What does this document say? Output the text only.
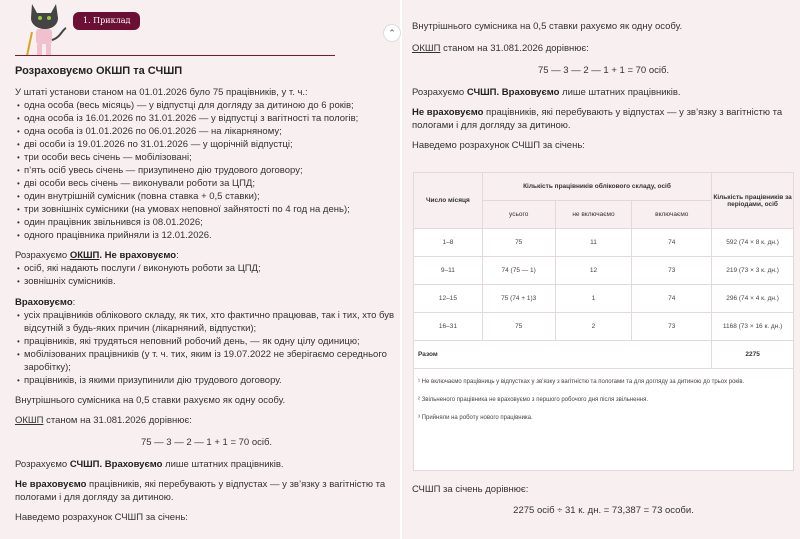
1. Приклад

Розраховуємо ОКШП та СЧШП

У штаті установи станом на 01.01.2026 було 75 працівників, у т. ч.:

• одна особа (весь місяць) — у відпустці для догляду за дитиною до 6 років;
• одна особа із 16.01.2026 по 31.01.2026 — у відпустці з вагітності та пологів;
• одна особа із 01.01.2026 по 06.01.2026 — на лікарняному;
• дві особи із 19.01.2026 по 31.01.2026 — у щорічній відпустці;
• три особи весь січень — мобілізовані;
• п’ять осіб увесь січень — призупинено дію трудового договору;
• дві особи весь січень — виконували роботи за ЦПД;
• один внутрішній сумісник (повна ставка + 0,5 ставки);
• три зовнішніх сумісники (на умовах неповної зайнятості по 4 год на день);
• один працівник звільнився із 08.01.2026;
• одного працівника прийняли із 12.01.2026.

Розрахуємо ОКШП. Не враховуємо:

• осіб, які надають послуги / виконують роботи за ЦПД;
• зовнішніх сумісників.

Враховуємо:

• усіх працівників облікового складу, як тих, хто фактично працював, так і тих, хто був відсутній з будь-яких причин (лікарняний, відпустки);
• працівників, які трудяться неповний робочий день, — як одну цілу одиницю;
• мобілізованих працівників (у т. ч. тих, яким із 19.07.2022 не зберігаємо середнього заробітку);
• працівників, із якими призупинили дію трудового договору.

Внутрішнього сумісника на 0,5 ставки рахуємо як одну особу.

ОКШП станом на 31.081.2026 дорівнює:

75 — 3 — 2 — 1 + 1 = 70 осіб.

Розрахуємо СЧШП. Враховуємо лише штатних працівників.

Не враховуємо працівників, які перебувають у відпустах — у зв’язку з вагітністю та пологами і для догляду за дитиною.

Наведемо розрахунок СЧШП за січень:

⌃

Внутрішнього сумісника на 0,5 ставки рахуємо як одну особу.

ОКШП станом на 31.081.2026 дорівнює:

75 — 3 — 2 — 1 + 1 = 70 осіб.

Розрахуємо СЧШП. Враховуємо лише штатних працівників.

Не враховуємо працівників, які перебувають у відпустах — у зв’язку з вагітністю та пологами і для догляду за дитиною.

Наведемо розрахунок СЧШП за січень:

Число місяця	Кількість працівників облікового складу, осіб			Кількість працівників за періодами, осіб
	усього	не включаємо	включаємо	
1–8	75	11	74	592 (74 × 8 к. дн.)
9–11	74 (75 — 1)	12	73	219 (73 × 3 к. дн.)
12–15	75 (74 + 1)3	1	74	296 (74 × 4 к. дн.)
16–31	75	2	73	1168 (73 × 16 к. дн.)
Разом				2275

¹ Не включаємо працівниць у відпустках у зв’язку з вагітністю та пологами та для догляду за дитиною до трьох років.

² Звільненого працівника не враховуємо з першого робочого дня після звільнення.

³ Прийняли на роботу нового працівника.				

СЧШП за січень дорівнює:

2275 осіб ÷ 31 к. дн. = 73,387 = 73 особи.
